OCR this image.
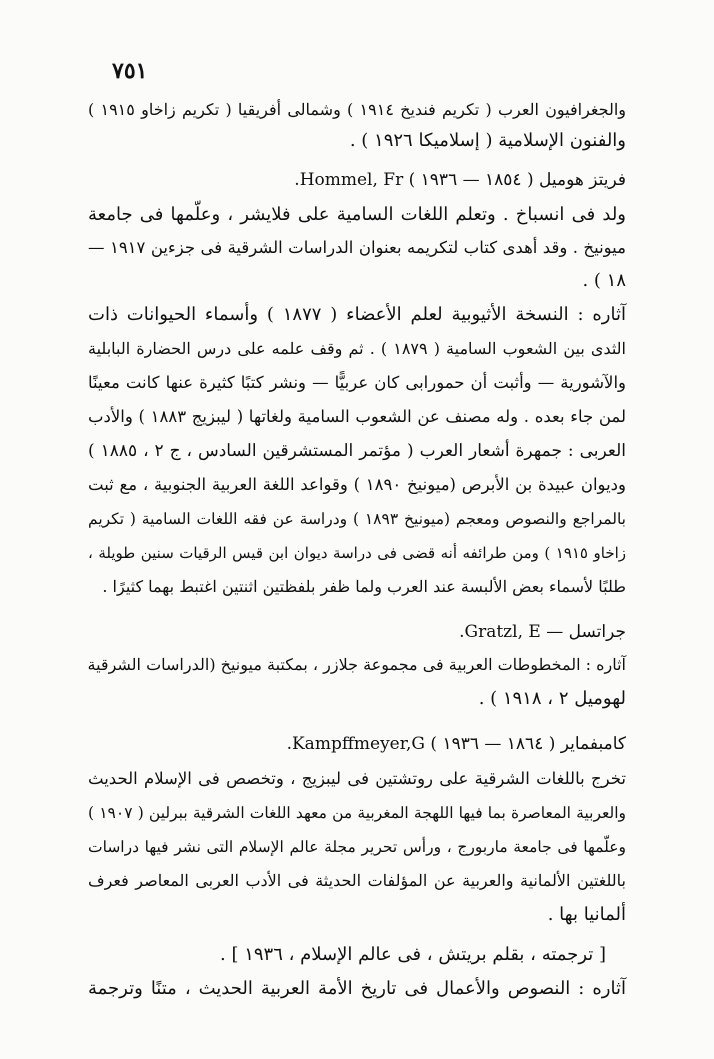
٧٥١
والجغرافيون العرب ( تكريم فنديخ ١٩١٤ ) وشمالى أفريقيا ( تكريم زاخاو ١٩١٥ )
والفنون الإسلامية ( إسلاميكا ١٩٢٦ ) .
فريتز هوميل ( ١٨٥٤ — ١٩٣٦ ) Hommel, Fr.
ولد فى انسباخ . وتعلم اللغات السامية على فلايشر ، وعلّمها فى جامعة
ميونيخ . وقد أهدى كتاب لتكريمه بعنوان الدراسات الشرقية فى جزءين ١٩١٧ —
١٨ ) .
آثاره : النسخة الأثيوبية لعلم الأعضاء ( ١٨٧٧ ) وأسماء الحيوانات ذات
الثدى بين الشعوب السامية ( ١٨٧٩ ) . ثم وقف علمه على درس الحضارة البابلية
والآشورية — وأثبت أن حمورابى كان عربيًّا — ونشر كتبًا كثيرة عنها كانت معينًا
لمن جاء بعده . وله مصنف عن الشعوب السامية ولغاتها ( ليبزيج ١٨٨٣ ) والأدب
العربى : جمهرة أشعار العرب ( مؤتمر المستشرقين السادس ، ج ٢ ، ١٨٨٥ )
وديوان عبيدة بن الأبرص (ميونيخ ١٨٩٠ ) وقواعد اللغة العربية الجنوبية ، مع ثبت
بالمراجع والنصوص ومعجم (ميونيخ ١٨٩٣ ) ودراسة عن فقه اللغات السامية ( تكريم
زاخاو ١٩١٥ ) ومن طرائفه أنه قضى فى دراسة ديوان ابن قيس الرقيات سنين طويلة ،
طلبًا لأسماء بعض الألبسة عند العرب ولما ظفر بلفظتين اثنتين اغتبط بهما كثيرًا .
جراتسل — Gratzl, E.
آثاره : المخطوطات العربية فى مجموعة جلازر ، بمكتبة ميونيخ (الدراسات الشرقية
لهوميل ٢ ، ١٩١٨ ) .
كامبفماير ( ١٨٦٤ — ١٩٣٦ ) Kampffmeyer,G.
تخرج باللغات الشرقية على روتشتين فى ليبزيج ، وتخصص فى الإسلام الحديث
والعربية المعاصرة بما فيها اللهجة المغربية من معهد اللغات الشرقية ببرلين ( ١٩٠٧ )
وعلّمها فى جامعة ماربورج ، ورأس تحرير مجلة عالم الإسلام التى نشر فيها دراسات
باللغتين الألمانية والعربية عن المؤلفات الحديثة فى الأدب العربى المعاصر فعرف
ألمانيا بها .
[ ترجمته ، بقلم بريتش ، فى عالم الإسلام ، ١٩٣٦ ] .
آثاره : النصوص والأعمال فى تاريخ الأمة العربية الحديث ، متنًا وترجمة
